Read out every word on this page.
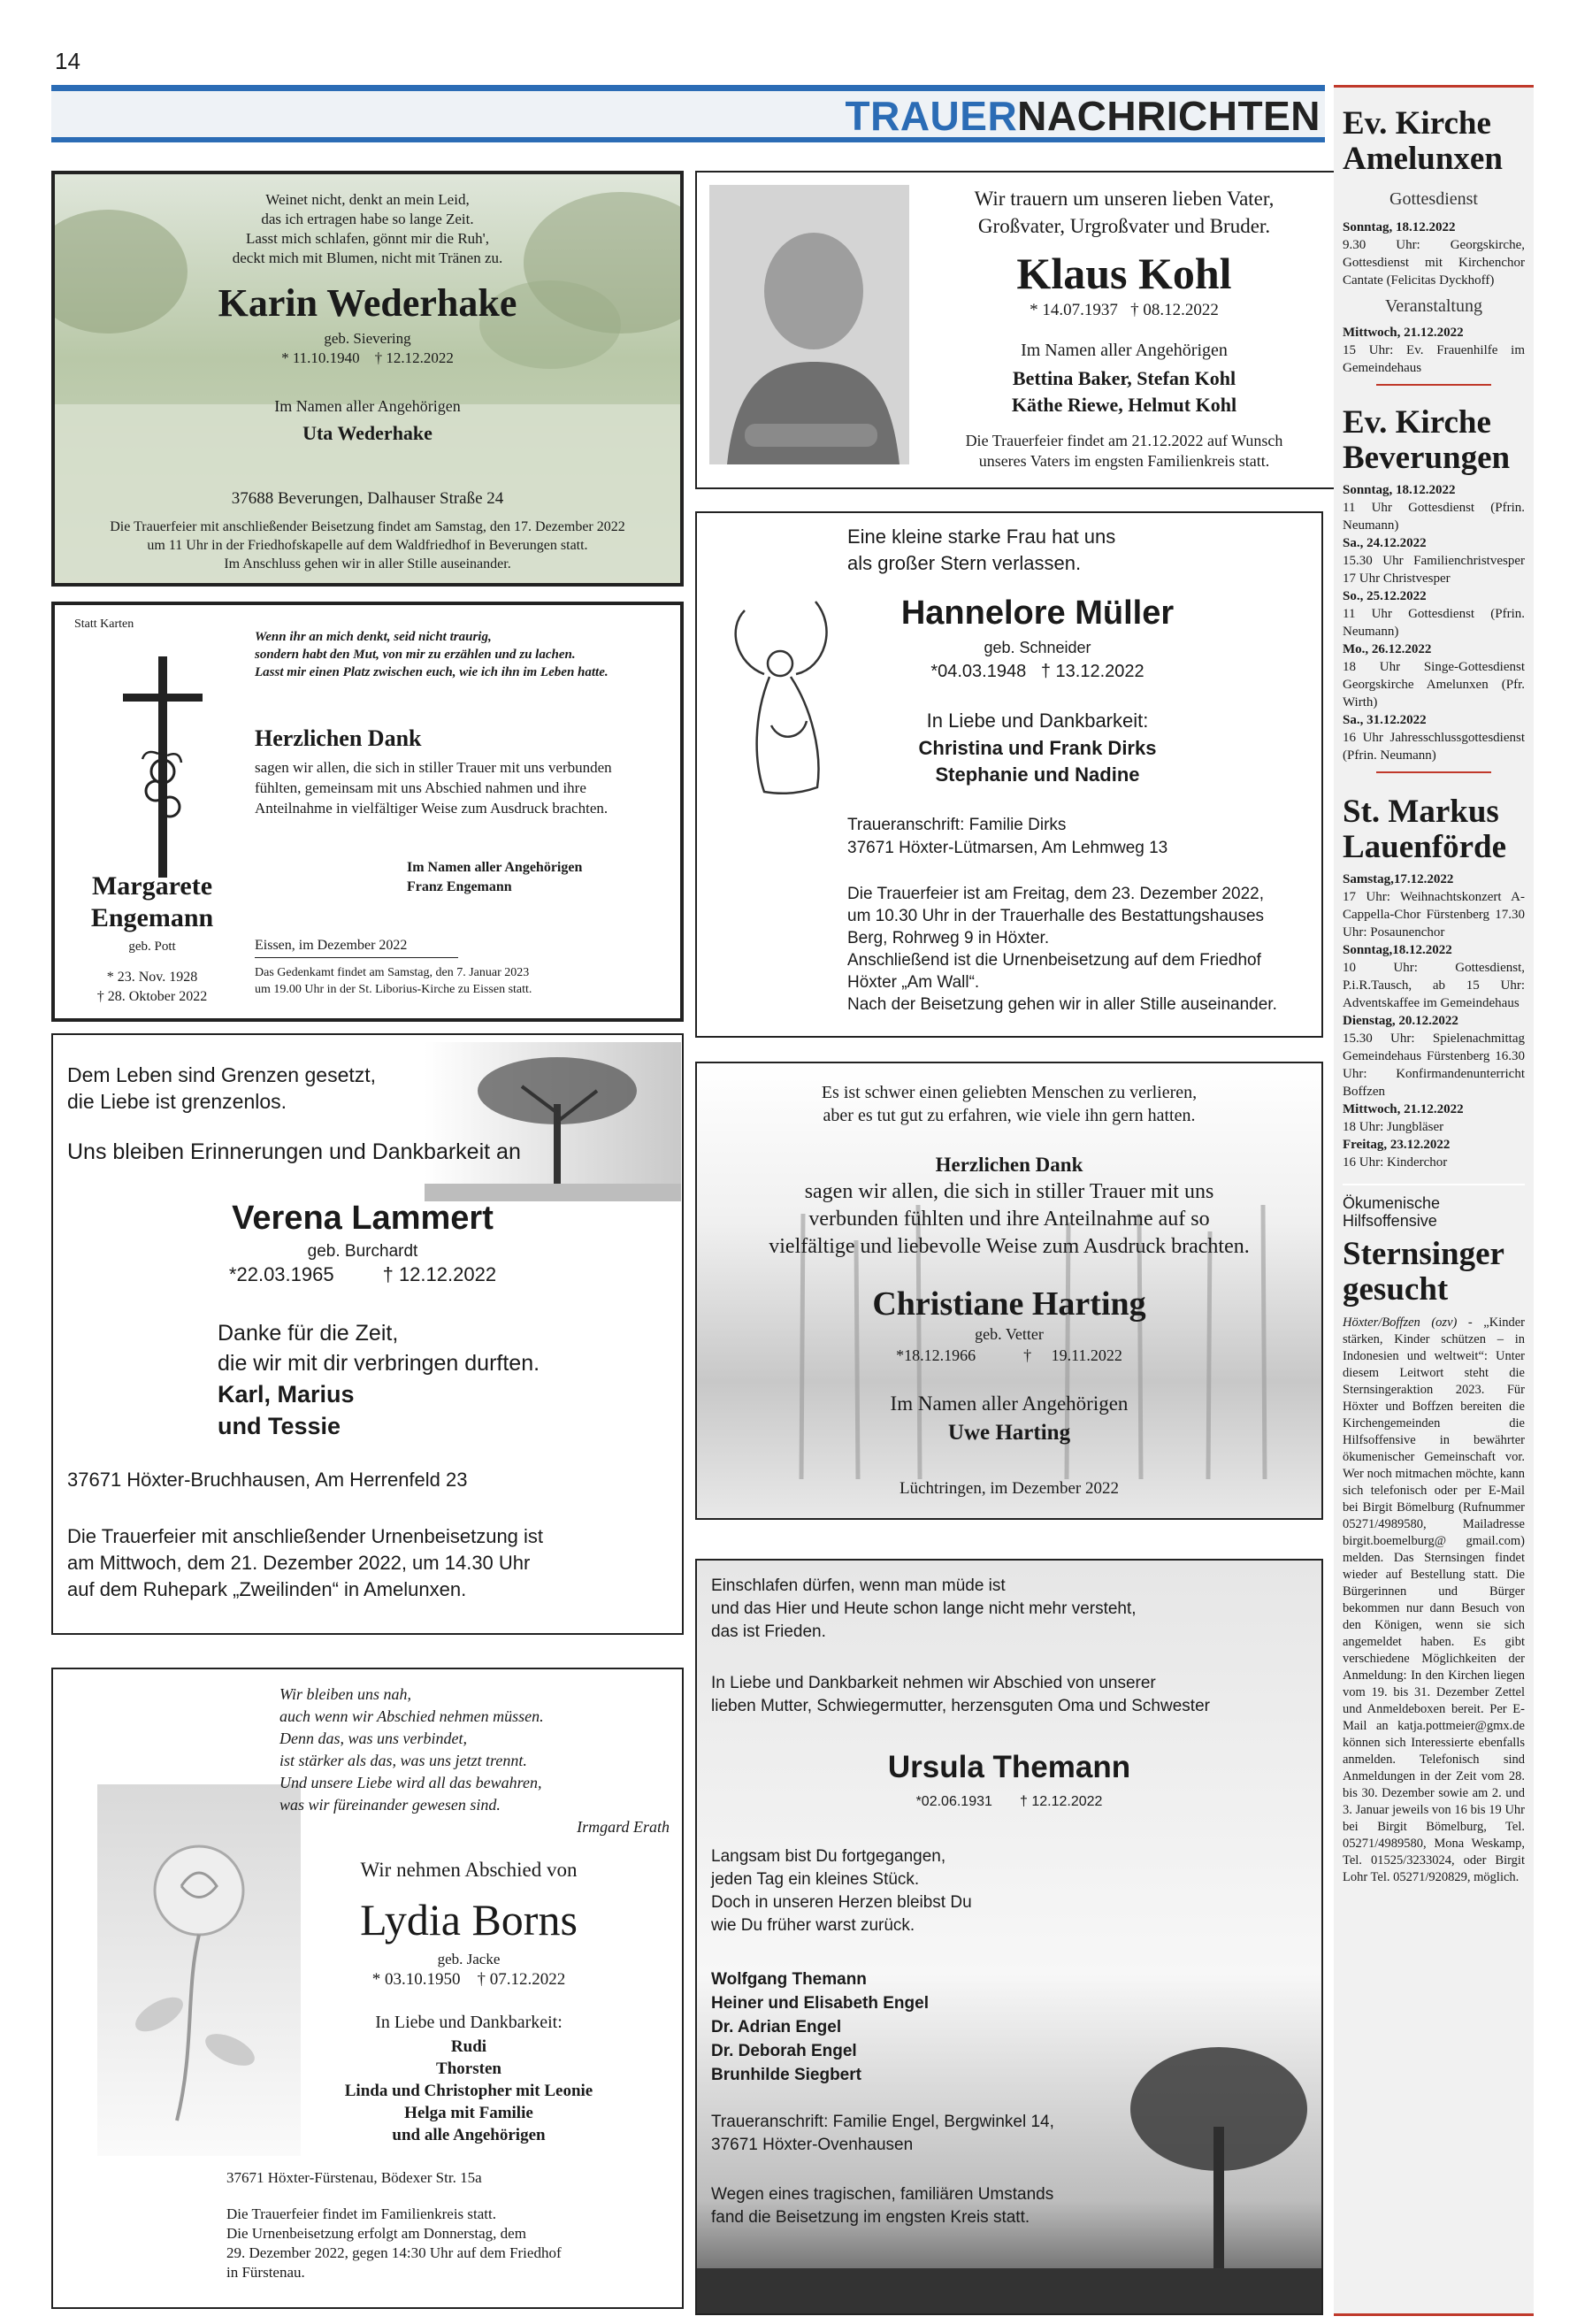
14
TRAUERNACHRICHTEN
Weinet nicht, denkt an mein Leid,
das ich ertragen habe so lange Zeit.
Lasst mich schlafen, gönnt mir die Ruh',
deckt mich mit Blumen, nicht mit Tränen zu.
Karin Wederhake
geb. Sievering
* 11.10.1940    † 12.12.2022
Im Namen aller Angehörigen
Uta Wederhake
37688 Beverungen, Dalhauser Straße 24
Die Trauerfeier mit anschließender Beisetzung findet am Samstag, den 17. Dezember 2022
um 11 Uhr in der Friedhofskapelle auf dem Waldfriedhof in Beverungen statt.
Im Anschluss gehen wir in aller Stille auseinander.
Wir trauern um unseren lieben Vater,
Großvater, Urgroßvater und Bruder.
Klaus Kohl
* 14.07.1937   † 08.12.2022
Im Namen aller Angehörigen
Bettina Baker, Stefan Kohl
Käthe Riewe, Helmut Kohl
Die Trauerfeier findet am 21.12.2022 auf Wunsch
unseres Vaters im engsten Familienkreis statt.
Statt Karten
Margarete
Engemann
geb. Pott
* 23. Nov. 1928
† 28. Oktober 2022
Wenn ihr an mich denkt, seid nicht traurig,
sondern habt den Mut, von mir zu erzählen und zu lachen.
Lasst mir einen Platz zwischen euch, wie ich ihn im Leben hatte.
Herzlichen Dank
sagen wir allen, die sich in stiller Trauer mit uns verbunden
fühlten, gemeinsam mit uns Abschied nahmen und ihre
Anteilnahme in vielfältiger Weise zum Ausdruck brachten.
Im Namen aller Angehörigen
Franz Engemann
Eissen, im Dezember 2022
Das Gedenkamt findet am Samstag, den 7. Januar 2023
um 19.00 Uhr in der St. Liborius-Kirche zu Eissen statt.
Eine kleine starke Frau hat uns
als großer Stern verlassen.
Hannelore Müller
geb. Schneider
*04.03.1948   † 13.12.2022
In Liebe und Dankbarkeit:
Christina und Frank Dirks
Stephanie und Nadine
Traueranschrift: Familie Dirks
37671 Höxter-Lütmarsen, Am Lehmweg 13
Die Trauerfeier ist am Freitag, dem 23. Dezember 2022,
um 10.30 Uhr in der Trauerhalle des Bestattungshauses
Berg, Rohrweg 9 in Höxter.
Anschließend ist die Urnenbeisetzung auf dem Friedhof
Höxter „Am Wall“.
Nach der Beisetzung gehen wir in aller Stille auseinander.
Dem Leben sind Grenzen gesetzt,
die Liebe ist grenzenlos.
Uns bleiben Erinnerungen und Dankbarkeit an
Verena Lammert
geb. Burchardt
*22.03.1965         † 12.12.2022
Danke für die Zeit,
die wir mit dir verbringen durften.
Karl, Marius
und Tessie
37671 Höxter-Bruchhausen, Am Herrenfeld 23
Die Trauerfeier mit anschließender Urnenbeisetzung ist
am Mittwoch, dem 21. Dezember 2022, um 14.30 Uhr
auf dem Ruhepark „Zweilinden“ in Amelunxen.
Es ist schwer einen geliebten Menschen zu verlieren,
aber es tut gut zu erfahren, wie viele ihn gern hatten.
Herzlichen Dank
sagen wir allen, die sich in stiller Trauer mit uns
verbunden fühlten und ihre Anteilnahme auf so
vielfältige und liebevolle Weise zum Ausdruck brachten.
Christiane Harting
geb. Vetter
*18.12.1966            †     19.11.2022
Im Namen aller Angehörigen
Uwe Harting
Lüchtringen, im Dezember 2022
Wir bleiben uns nah,
auch wenn wir Abschied nehmen müssen.
Denn das, was uns verbindet,
ist stärker als das, was uns jetzt trennt.
Und unsere Liebe wird all das bewahren,
was wir füreinander gewesen sind.
Irmgard Erath
Wir nehmen Abschied von
Lydia Borns
geb. Jacke
* 03.10.1950    † 07.12.2022
In Liebe und Dankbarkeit:
Rudi
Thorsten
Linda und Christopher mit Leonie
Helga mit Familie
und alle Angehörigen
37671 Höxter-Fürstenau, Bödexer Str. 15a
Die Trauerfeier findet im Familienkreis statt.
Die Urnenbeisetzung erfolgt am Donnerstag, dem
29. Dezember 2022, gegen 14:30 Uhr auf dem Friedhof
in Fürstenau.
Einschlafen dürfen, wenn man müde ist
und das Hier und Heute schon lange nicht mehr versteht,
das ist Frieden.
In Liebe und Dankbarkeit nehmen wir Abschied von unserer
lieben Mutter, Schwiegermutter, herzensguten Oma und Schwester
Ursula Themann
*02.06.1931       † 12.12.2022
Langsam bist Du fortgegangen,
jeden Tag ein kleines Stück.
Doch in unseren Herzen bleibst Du
wie Du früher warst zurück.
Wolfgang Themann
Heiner und Elisabeth Engel
Dr. Adrian Engel
Dr. Deborah Engel
Brunhilde Siegbert
Traueranschrift: Familie Engel, Bergwinkel 14,
37671 Höxter-Ovenhausen
Wegen eines tragischen, familiären Umstands
fand die Beisetzung im engsten Kreis statt.
Ev. Kirche
Amelunxen
Gottesdienst
Sonntag, 18.12.2022
9.30 Uhr: Georgskirche, Gottesdienst mit Kirchenchor Cantate (Felicitas Dyckhoff)
Veranstaltung
Mittwoch, 21.12.2022
15 Uhr: Ev. Frauenhilfe im Gemeindehaus
Ev. Kirche
Beverungen
Sonntag, 18.12.2022
11 Uhr Gottesdienst (Pfrin. Neumann)
Sa., 24.12.2022
15.30 Uhr Familienchristvesper 17 Uhr Christvesper
So., 25.12.2022
11 Uhr Gottesdienst (Pfrin. Neumann)
Mo., 26.12.2022
18 Uhr Singe-Gottesdienst Georgskirche Amelunxen (Pfr. Wirth)
Sa., 31.12.2022
16 Uhr Jahresschlussgottesdienst (Pfrin. Neumann)
St. Markus
Lauenförde
Samstag,17.12.2022
17 Uhr: Weihnachtskonzert A-Cappella-Chor Fürstenberg 17.30 Uhr: Posaunenchor
Sonntag,18.12.2022
10 Uhr: Gottesdienst, P.i.R.Tausch, ab 15 Uhr: Adventskaffee im Gemeindehaus
Dienstag, 20.12.2022
15.30 Uhr: Spielenachmittag Gemeindehaus Fürstenberg 16.30 Uhr: Konfirmandenunterricht Boffzen
Mittwoch, 21.12.2022
18 Uhr: Jungbläser
Freitag, 23.12.2022
16 Uhr: Kinderchor
Ökumenische
Hilfsoffensive
Sternsinger
gesucht
Höxter/Boffzen (ozv) - „Kinder stärken, Kinder schützen – in Indonesien und weltweit“: Unter diesem Leitwort steht die Sternsingeraktion 2023. Für Höxter und Boffzen bereiten die Kirchengemeinden die Hilfsoffensive in bewährter ökumenischer Gemeinschaft vor. Wer noch mitmachen möchte, kann sich telefonisch oder per E-Mail bei Birgit Bömelburg (Rufnummer 05271/4989580, Mailadresse birgit.boemelburg@ gmail.com) melden. Das Sternsingen findet wieder auf Bestellung statt. Die Bürgerinnen und Bürger bekommen nur dann Besuch von den Königen, wenn sie sich angemeldet haben. Es gibt verschiedene Möglichkeiten der Anmeldung: In den Kirchen liegen vom 19. bis 31. Dezember Zettel und Anmeldeboxen bereit. Per E-Mail an katja.pottmeier@gmx.de können sich Interessierte ebenfalls anmelden. Telefonisch sind Anmeldungen in der Zeit vom 28. bis 30. Dezember sowie am 2. und 3. Januar jeweils von 16 bis 19 Uhr bei Birgit Bömelburg, Tel. 05271/4989580, Mona Weskamp, Tel. 01525/3233024, oder Birgit Lohr Tel. 05271/920829, möglich.
